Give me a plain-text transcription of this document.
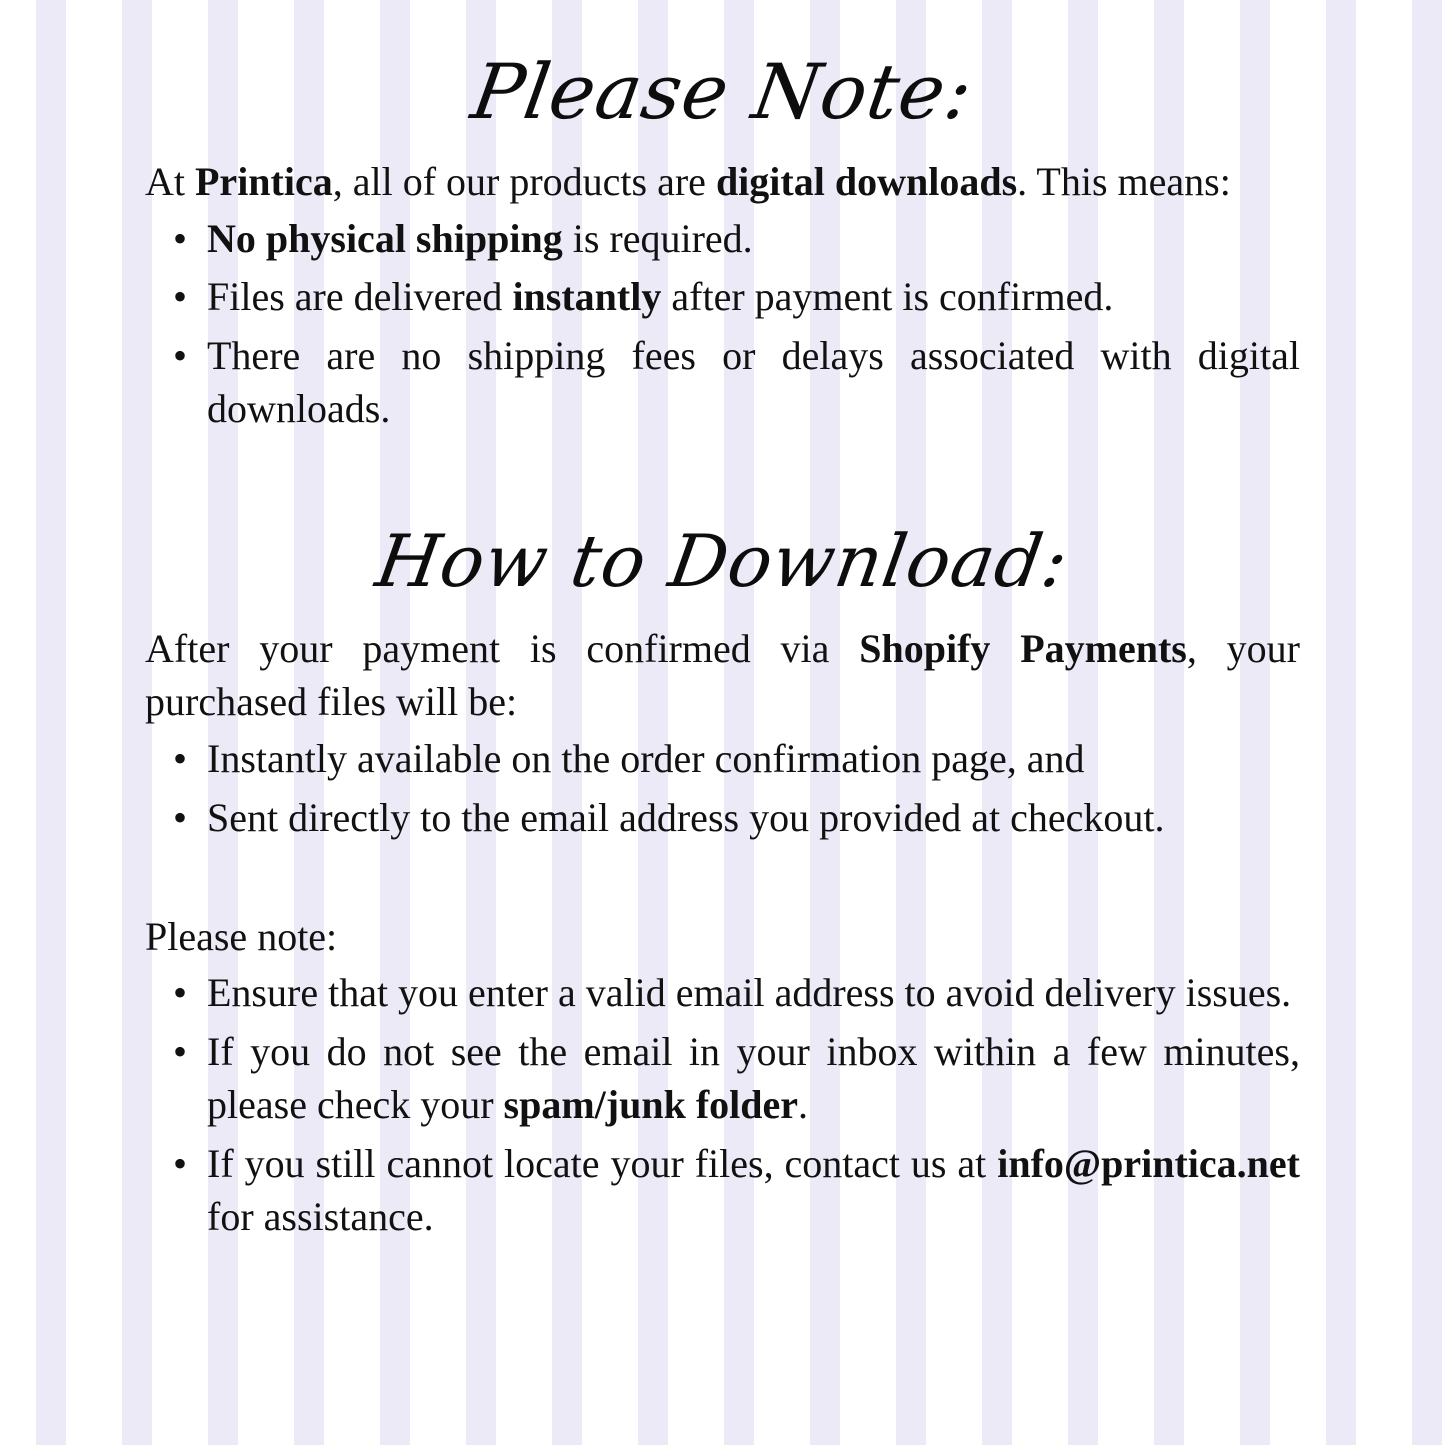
Please Note:

At Printica, all of our products are digital downloads. This means:

• No physical shipping is required.
• Files are delivered instantly after payment is confirmed.
• There are no shipping fees or delays associated with digital downloads.
How to Download:

After your payment is confirmed via Shopify Payments, your purchased files will be:

• Instantly available on the order confirmation page, and
• Sent directly to the email address you provided at checkout.

Please note:

• Ensure that you enter a valid email address to avoid delivery issues.
• If you do not see the email in your inbox within a few minutes, please check your spam/junk folder.
• If you still cannot locate your files, contact us at info@printica.net for assistance.
